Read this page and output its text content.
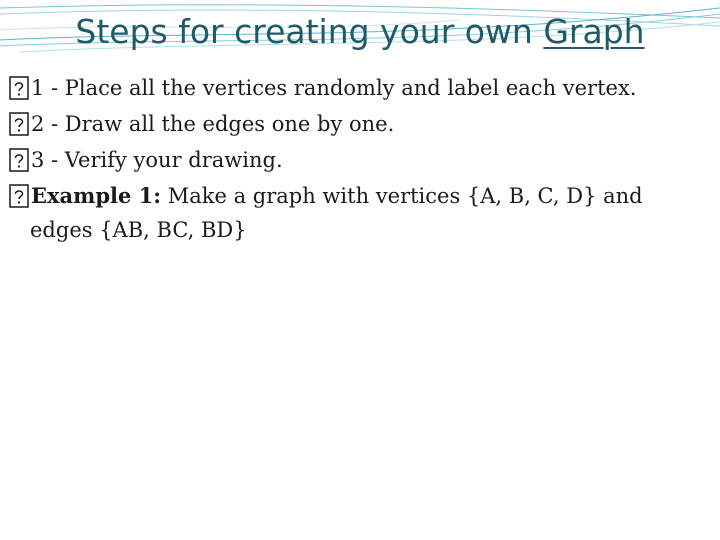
Steps for creating your own Graph
1 - Place all the vertices randomly and label each vertex.
2 - Draw all the edges one by one.
3 - Verify your drawing.
Example 1: Make a graph with vertices {A, B, C, D} and
edges {AB, BC, BD}
